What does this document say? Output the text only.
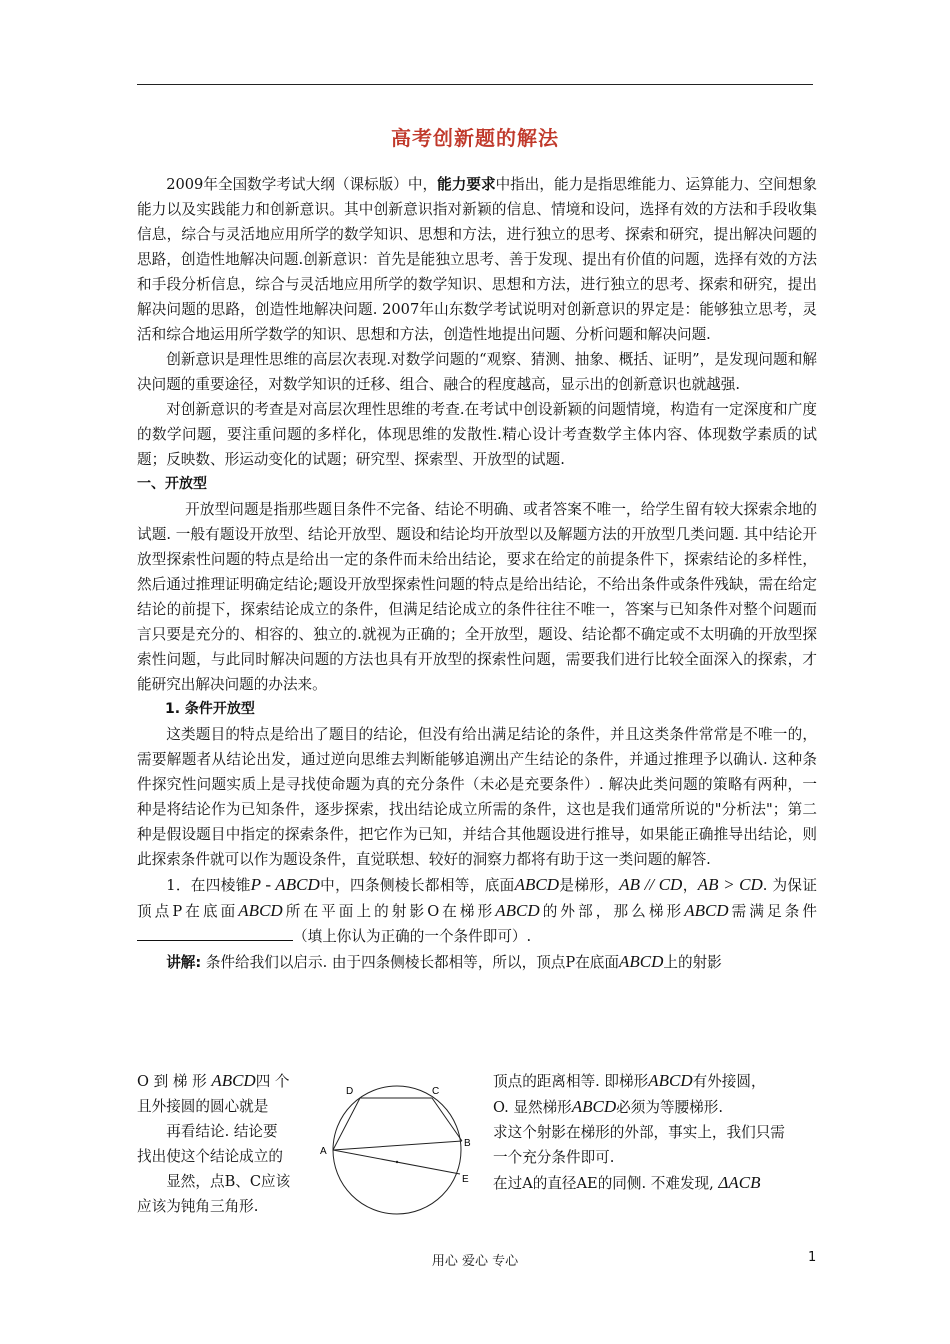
高考创新题的解法

2009年全国数学考试大纲（课标版）中，能力要求中指出，能力是指思维能力、运算能力、空间想象能力以及实践能力和创新意识。其中创新意识指对新颖的信息、情境和设问，选择有效的方法和手段收集信息，综合与灵活地应用所学的数学知识、思想和方法，进行独立的思考、探索和研究，提出解决问题的思路，创造性地解决问题.创新意识：首先是能独立思考、善于发现、提出有价值的问题，选择有效的方法和手段分析信息，综合与灵活地应用所学的数学知识、思想和方法，进行独立的思考、探索和研究，提出解决问题的思路，创造性地解决问题. 2007年山东数学考试说明对创新意识的界定是：能够独立思考，灵活和综合地运用所学数学的知识、思想和方法，创造性地提出问题、分析问题和解决问题.

创新意识是理性思维的高层次表现.对数学问题的“观察、猜测、抽象、概括、证明”，是发现问题和解决问题的重要途径，对数学知识的迁移、组合、融合的程度越高，显示出的创新意识也就越强.

对创新意识的考查是对高层次理性思维的考查.在考试中创设新颖的问题情境，构造有一定深度和广度的数学问题，要注重问题的多样化，体现思维的发散性.精心设计考查数学主体内容、体现数学素质的试题；反映数、形运动变化的试题；研究型、探索型、开放型的试题.

一、开放型

开放型问题是指那些题目条件不完备、结论不明确、或者答案不唯一，给学生留有较大探索余地的试题. 一般有题设开放型、结论开放型、题设和结论均开放型以及解题方法的开放型几类问题. 其中结论开放型探索性问题的特点是给出一定的条件而未给出结论，要求在给定的前提条件下，探索结论的多样性，然后通过推理证明确定结论;题设开放型探索性问题的特点是给出结论，不给出条件或条件残缺，需在给定结论的前提下，探索结论成立的条件，但满足结论成立的条件往往不唯一，答案与已知条件对整个问题而言只要是充分的、相容的、独立的.就视为正确的；全开放型，题设、结论都不确定或不太明确的开放型探索性问题，与此同时解决问题的方法也具有开放型的探索性问题，需要我们进行比较全面深入的探索，才能研究出解决问题的办法来。

1. 条件开放型

这类题目的特点是给出了题目的结论，但没有给出满足结论的条件，并且这类条件常常是不唯一的，需要解题者从结论出发，通过逆向思维去判断能够追溯出产生结论的条件，并通过推理予以确认. 这种条件探究性问题实质上是寻找使命题为真的充分条件（未必是充要条件）. 解决此类问题的策略有两种，一种是将结论作为已知条件，逐步探索，找出结论成立所需的条件，这也是我们通常所说的"分析法"；第二种是假设题目中指定的探索条件，把它作为已知，并结合其他题设进行推导，如果能正确推导出结论，则此探索条件就可以作为题设条件，直觉联想、较好的洞察力都将有助于这一类问题的解答.

1．在四棱锥P - ABCD中，四条侧棱长都相等，底面ABCD是梯形，AB // CD，AB > CD. 为保证顶点P在底面ABCD所在平面上的射影O在梯形ABCD的外部，那么梯形ABCD需满足条件（填上你认为正确的一个条件即可）.

讲解: 条件给我们以启示. 由于四条侧棱长都相等，所以，顶点P在底面ABCD上的射影

O 到 梯 形 ABCD四 个

且外接圆的圆心就是

再看结论. 结论要

找出使这个结论成立的

显然，点B、C应该

应该为钝角三角形.

D	C
A
B
E

顶点的距离相等. 即梯形ABCD有外接圆，

O. 显然梯形ABCD必须为等腰梯形.

求这个射影在梯形的外部，事实上，我们只需

一个充分条件即可.

在过A的直径AE的同侧. 不难发现, ΔACB

用心 爱心 专心	1
